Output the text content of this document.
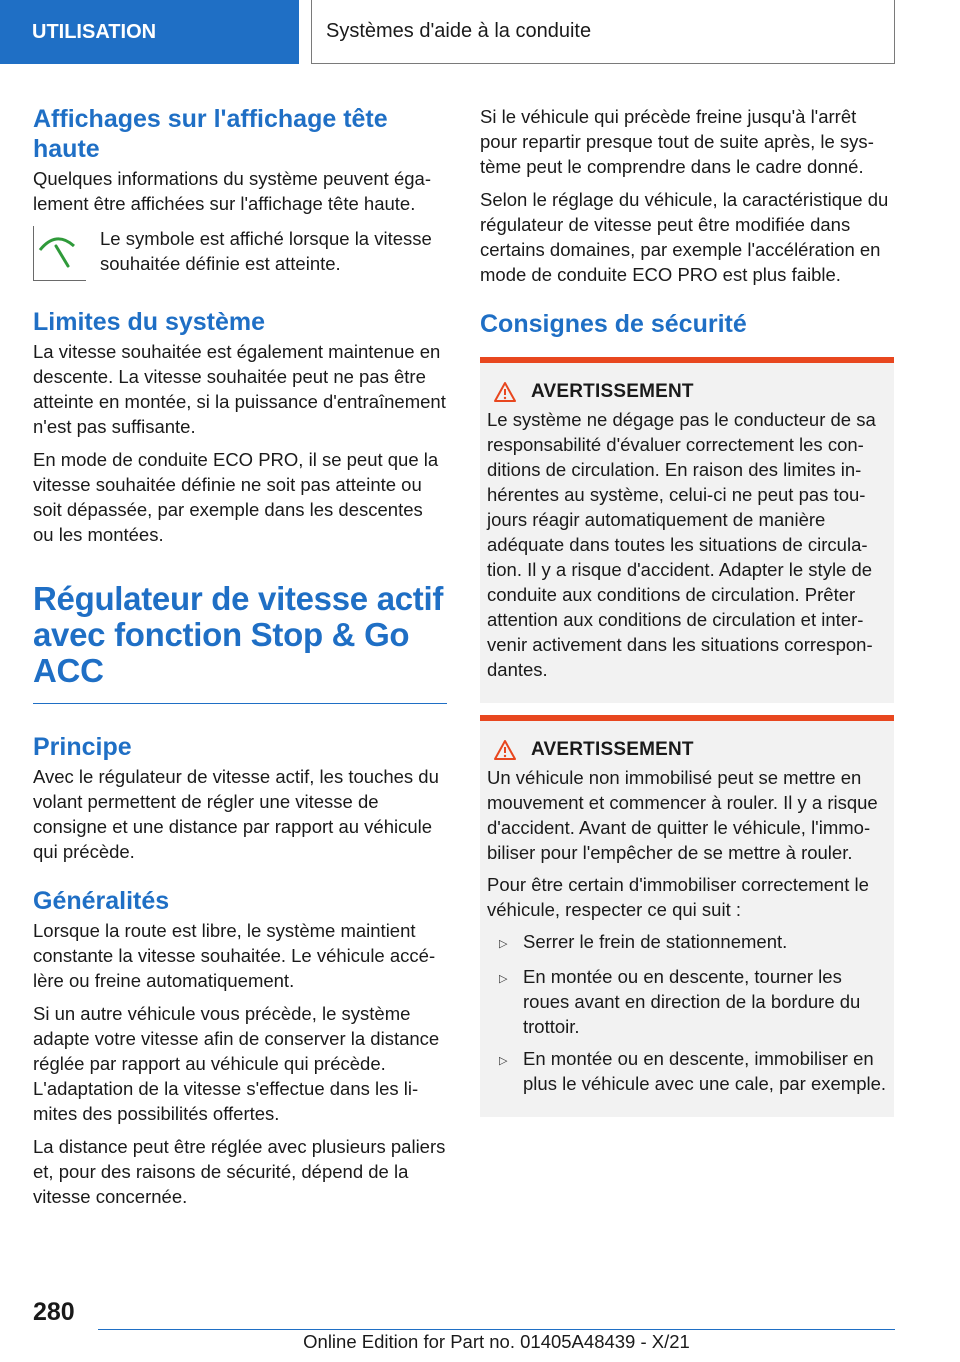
UTILISATION	Systèmes d'aide à la conduite
Affichages sur l'affichage tête haute

Quelques informations du système peuvent également être affichées sur l'affichage tête haute.

Le symbole est affiché lorsque la vitesse souhaitée définie est atteinte.

Limites du système

La vitesse souhaitée est également maintenue en descente. La vitesse souhaitée peut ne pas être atteinte en montée, si la puissance d'entraînement n'est pas suffisante.

En mode de conduite ECO PRO, il se peut que la vitesse souhaitée définie ne soit pas atteinte ou soit dépassée, par exemple dans les descentes ou les montées.

Régulateur de vitesse actif avec fonction Stop & Go ACC
Principe

Avec le régulateur de vitesse actif, les touches du volant permettent de régler une vitesse de consigne et une distance par rapport au véhicule qui précède.

Généralités

Lorsque la route est libre, le système maintient constante la vitesse souhaitée. Le véhicule accélère ou freine automatiquement.

Si un autre véhicule vous précède, le système adapte votre vitesse afin de conserver la distance réglée par rapport au véhicule qui précède. L'adaptation de la vitesse s'effectue dans les limites des possibilités offertes.

La distance peut être réglée avec plusieurs paliers et, pour des raisons de sécurité, dépend de la vitesse concernée.

Si le véhicule qui précède freine jusqu'à l'arrêt pour repartir presque tout de suite après, le système peut le comprendre dans le cadre donné.

Selon le réglage du véhicule, la caractéristique du régulateur de vitesse peut être modifiée dans certains domaines, par exemple l'accélération en mode de conduite ECO PRO est plus faible.

Consignes de sécurité
AVERTISSEMENT

Le système ne dégage pas le conducteur de sa responsabilité d'évaluer correctement les conditions de circulation. En raison des limites inhérentes au système, celui-ci ne peut pas toujours réagir automatiquement de manière adéquate dans toutes les situations de circulation. Il y a risque d'accident. Adapter le style de conduite aux conditions de circulation. Prêter attention aux conditions de circulation et intervenir activement dans les situations correspondantes.

AVERTISSEMENT

Un véhicule non immobilisé peut se mettre en mouvement et commencer à rouler. Il y a risque d'accident. Avant de quitter le véhicule, l'immobiliser pour l'empêcher de se mettre à rouler.

Pour être certain d'immobiliser correctement le véhicule, respecter ce qui suit :

▷ Serrer le frein de stationnement.
▷ En montée ou en descente, tourner les roues avant en direction de la bordure du trottoir.
▷ En montée ou en descente, immobiliser en plus le véhicule avec une cale, par exemple.
280
Online Edition for Part no. 01405A48439 - X/21
